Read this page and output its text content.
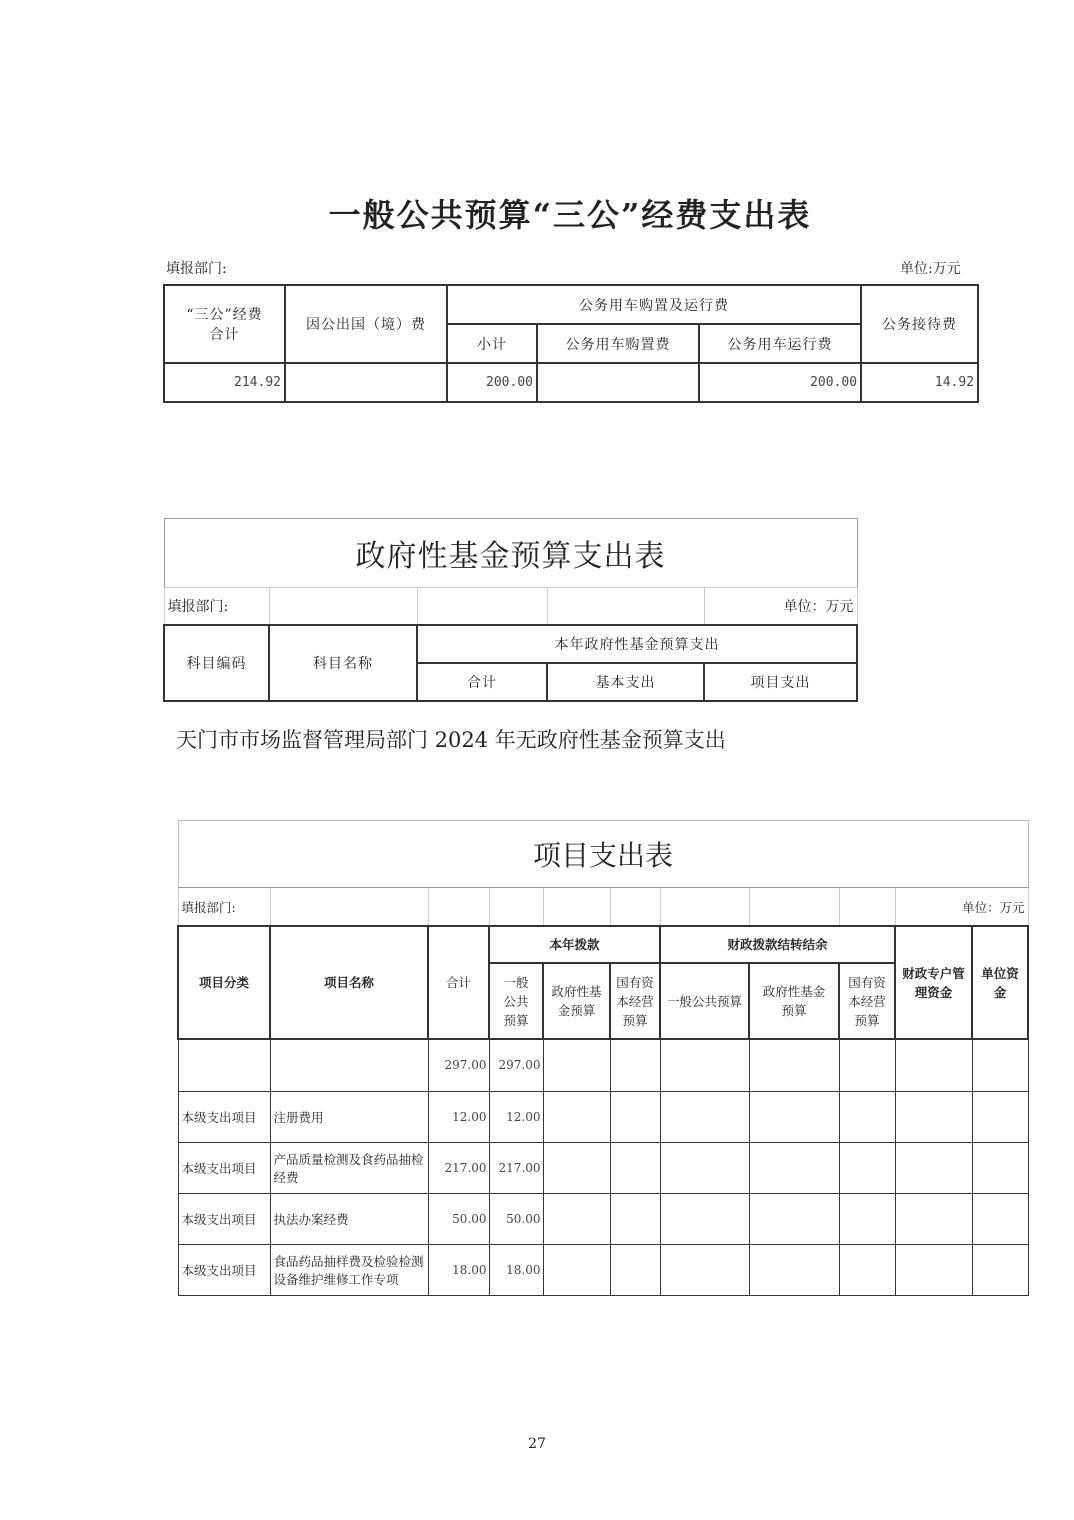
一般公共预算“三公”经费支出表
填报部门:	单位:万元
“三公”经费合计	因公出国（境）费	公务用车购置及运行费			公务接待费
		小计	公务用车购置费	公务用车运行费	
214.92		200.00		200.00	14.92
政府性基金预算支出表				
填报部门:				单位：万元
科目编码	科目名称	本年政府性基金预算支出		
		合计	基本支出	项目支出
天门市市场监督管理局部门 2024 年无政府性基金预算支出
项目支出表										
填报部门:									单位：万元	
项目分类	项目名称	合计	本年拨款			财政拨款结转结余			财政专户管理资金	单位资金
			一般公共预算	政府性基金预算	国有资本经营预算	一般公共预算	政府性基金预算	国有资本经营预算		
		297.00	297.00							
本级支出项目	注册费用	12.00	12.00							
本级支出项目	产品质量检测及食药品抽检经费	217.00	217.00							
本级支出项目	执法办案经费	50.00	50.00							
本级支出项目	食品药品抽样费及检验检测设备维护维修工作专项	18.00	18.00							
27
